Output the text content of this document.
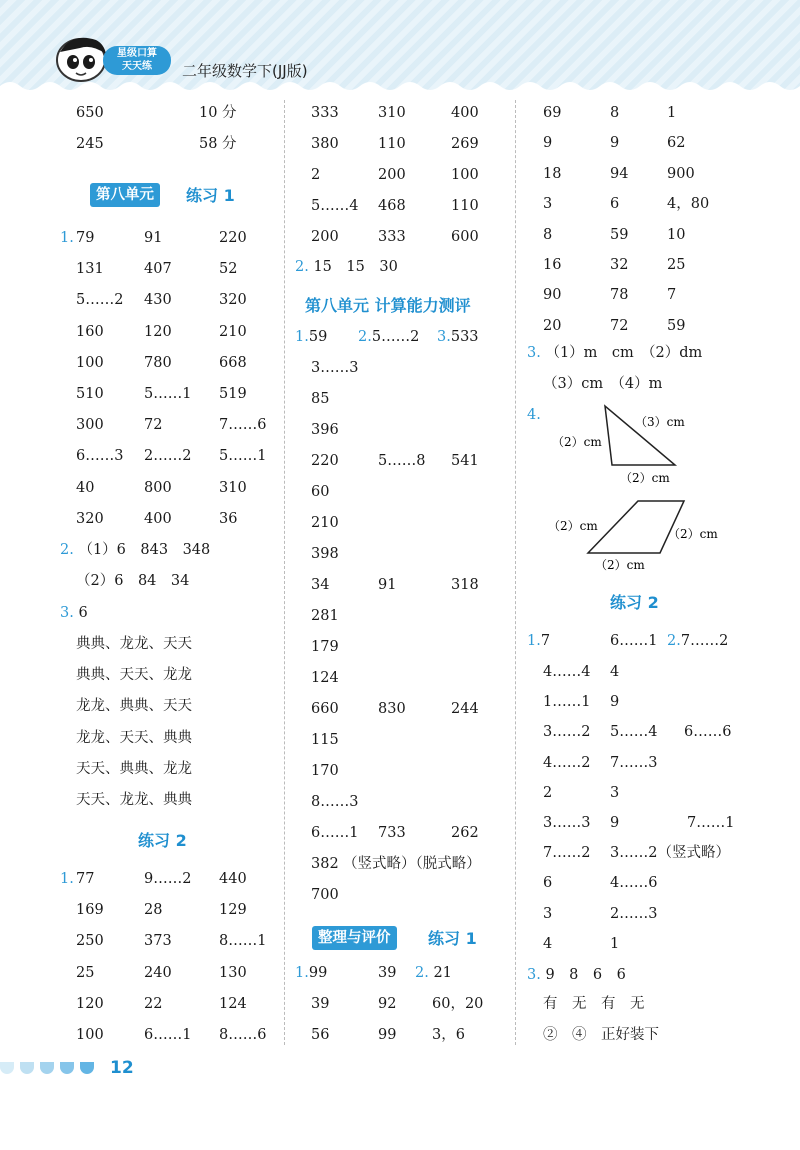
星级口算
天天练	二年级数学下(JJ版)
650	10 分
245	58 分
第八单元	练习 1
1. 79	91	220
131	407	52
5……2 430	320
160	120	210
100	780	668
510	5……1 519
300	72	7……6
6……3 2……2 5……1
40	800	310
320	400	36
2. （1）6　843　348
（2）6　84　34
3. 6
典典、龙龙、天天
典典、天天、龙龙
龙龙、典典、天天
龙龙、天天、典典
天天、典典、龙龙
天天、龙龙、典典
练习 2
1. 77	9……2 440
169	28	129
250	373	8……1
25	240	130
120	22	124
100	6……1 8……6
333	310	400
380	110	269
2	200	100
5……4 468	110
200	333	600
2. 15　15　30
第八单元 计算能力测评
1.59 2.5……2 3.533
3……3
85
396
220	5……8 541
60
210
398
34	91	318
281
179
124
660	830	244
115
170
8……3
6……1 733	262
382 （竖式略）（脱式略）
700
整理与评价	练习 1
1.99	39 2. 21
39	92 60，20
56	99 3，6
69	8	1
9	9	62
18	94	900
3	6	4，80
8	59	10
16	32	25
90	78	7
20	72	59
3. （1）m　cm　（2）dm
（3）cm　（4）m
4.	（3）cm
（2）cm
（2）cm
（2）cm
（2）cm
（2）cm
练习 2
1.7	6……1 2.7……2
4……4 4
1……1 9
3……2 5……4 6……6
4……2 7……3
2	3
3……3 9	7……1
7……2 3……2（竖式略）
6	4……6
3	2……3
4	1
3. 9　8　6　6
有　无　有　无
②　④　正好装下
12
